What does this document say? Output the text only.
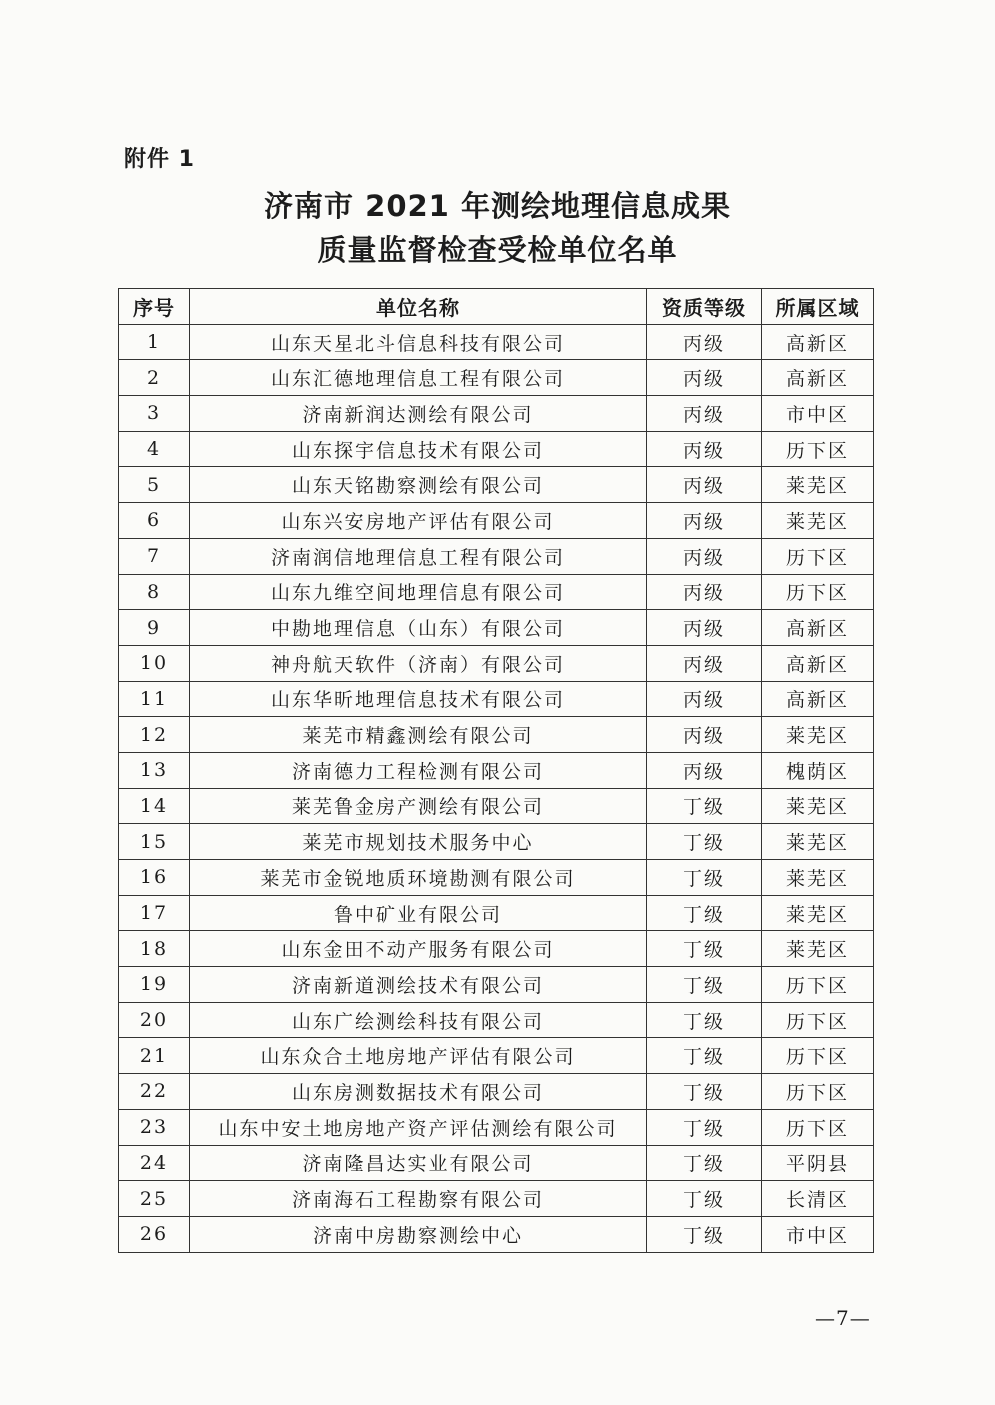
附件 1
济南市 2021 年测绘地理信息成果
质量监督检查受检单位名单
序号	单位名称	资质等级	所属区域
1	山东天星北斗信息科技有限公司	丙级	高新区
2	山东汇德地理信息工程有限公司	丙级	高新区
3	济南新润达测绘有限公司	丙级	市中区
4	山东探宇信息技术有限公司	丙级	历下区
5	山东天铭勘察测绘有限公司	丙级	莱芜区
6	山东兴安房地产评估有限公司	丙级	莱芜区
7	济南润信地理信息工程有限公司	丙级	历下区
8	山东九维空间地理信息有限公司	丙级	历下区
9	中勘地理信息（山东）有限公司	丙级	高新区
10	神舟航天软件（济南）有限公司	丙级	高新区
11	山东华昕地理信息技术有限公司	丙级	高新区
12	莱芜市精鑫测绘有限公司	丙级	莱芜区
13	济南德力工程检测有限公司	丙级	槐荫区
14	莱芜鲁金房产测绘有限公司	丁级	莱芜区
15	莱芜市规划技术服务中心	丁级	莱芜区
16	莱芜市金锐地质环境勘测有限公司	丁级	莱芜区
17	鲁中矿业有限公司	丁级	莱芜区
18	山东金田不动产服务有限公司	丁级	莱芜区
19	济南新道测绘技术有限公司	丁级	历下区
20	山东广绘测绘科技有限公司	丁级	历下区
21	山东众合土地房地产评估有限公司	丁级	历下区
22	山东房测数据技术有限公司	丁级	历下区
23	山东中安土地房地产资产评估测绘有限公司	丁级	历下区
24	济南隆昌达实业有限公司	丁级	平阴县
25	济南海石工程勘察有限公司	丁级	长清区
26	济南中房勘察测绘中心	丁级	市中区
—7—
